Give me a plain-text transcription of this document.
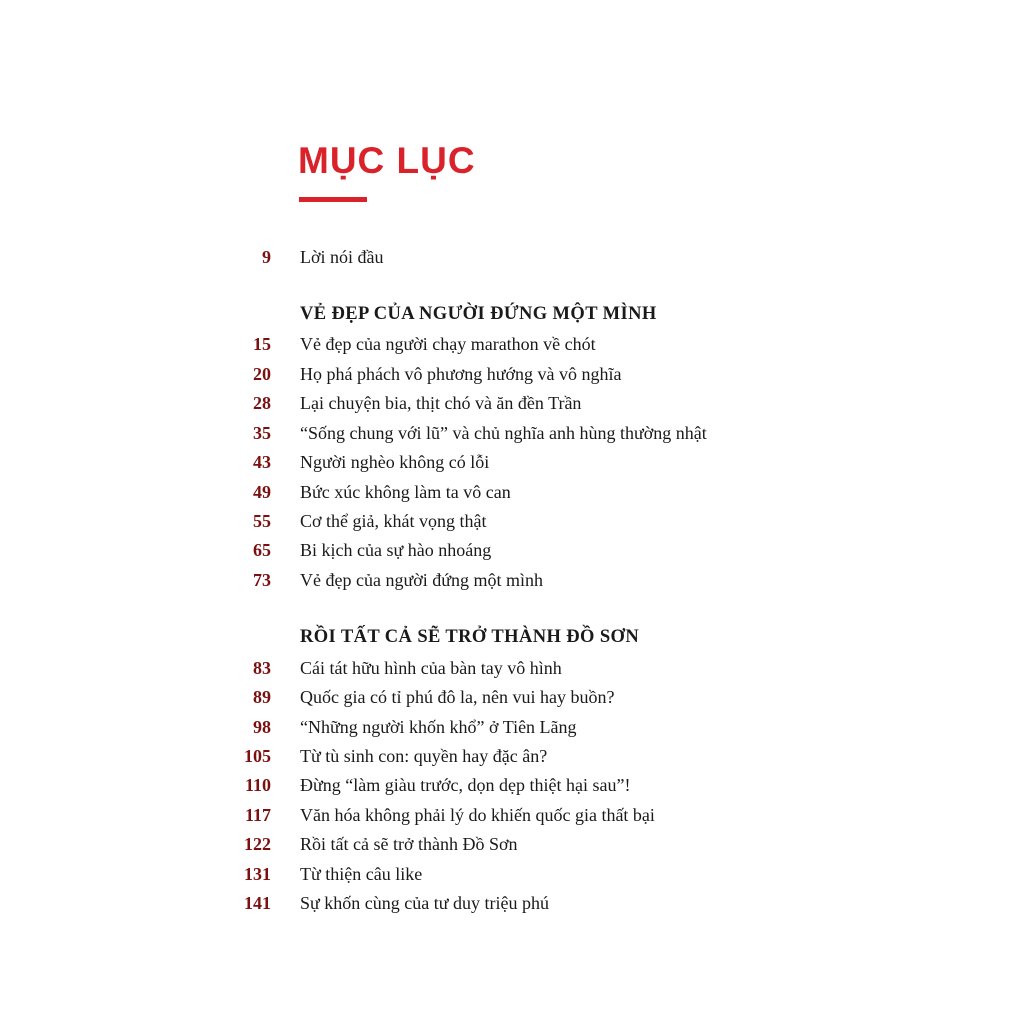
MỤC LỤC
9 Lời nói đầu
VẺ ĐẸP CỦA NGƯỜI ĐỨNG MỘT MÌNH
15 Vẻ đẹp của người chạy marathon về chót
20 Họ phá phách vô phương hướng và vô nghĩa
28 Lại chuyện bia, thịt chó và ăn đền Trần
35 “Sống chung với lũ” và chủ nghĩa anh hùng thường nhật
43 Người nghèo không có lỗi
49 Bức xúc không làm ta vô can
55 Cơ thể giả, khát vọng thật
65 Bi kịch của sự hào nhoáng
73 Vẻ đẹp của người đứng một mình
RỒI TẤT CẢ SẼ TRỞ THÀNH ĐỒ SƠN
83 Cái tát hữu hình của bàn tay vô hình
89 Quốc gia có tỉ phú đô la, nên vui hay buồn?
98 “Những người khốn khổ” ở Tiên Lãng
105 Từ tù sinh con: quyền hay đặc ân?
110 Đừng “làm giàu trước, dọn dẹp thiệt hại sau”!
117 Văn hóa không phải lý do khiến quốc gia thất bại
122 Rồi tất cả sẽ trở thành Đồ Sơn
131 Từ thiện câu like
141 Sự khốn cùng của tư duy triệu phú
